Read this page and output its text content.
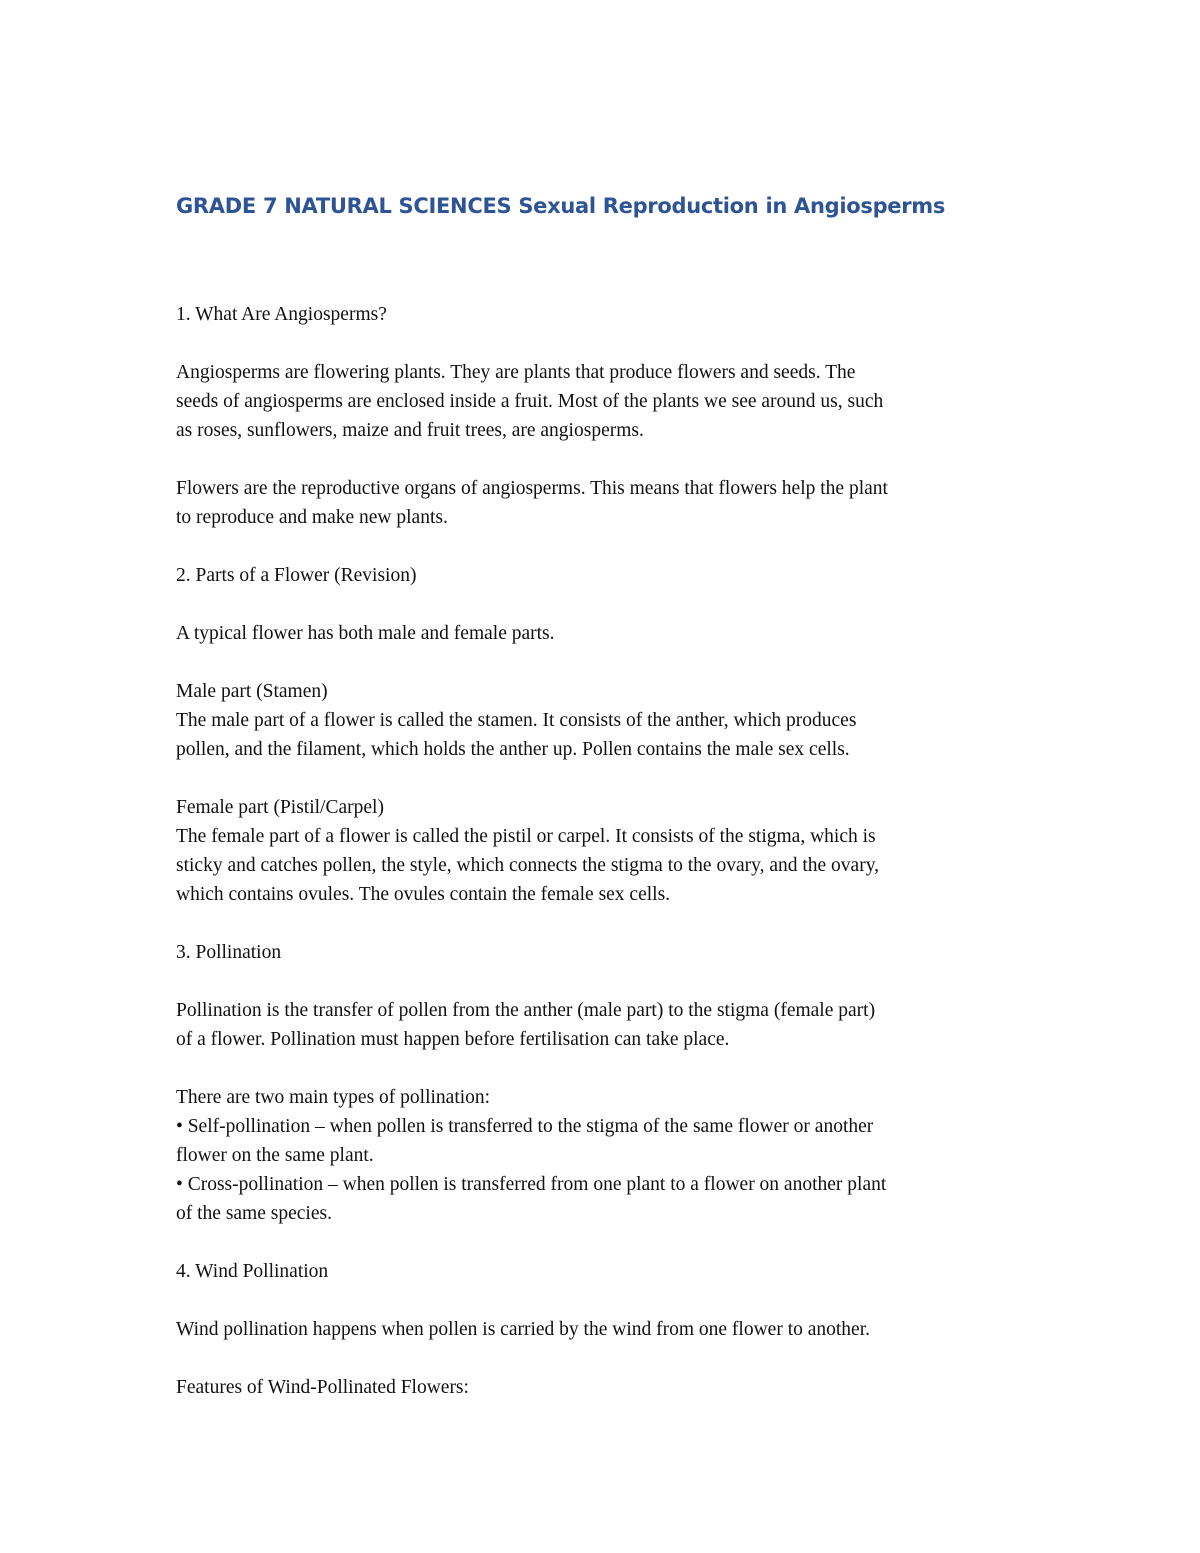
GRADE 7 NATURAL SCIENCES Sexual Reproduction in Angiosperms

1. What Are Angiosperms?

Angiosperms are flowering plants. They are plants that produce flowers and seeds. The

seeds of angiosperms are enclosed inside a fruit. Most of the plants we see around us, such

as roses, sunflowers, maize and fruit trees, are angiosperms.

Flowers are the reproductive organs of angiosperms. This means that flowers help the plant

to reproduce and make new plants.

2. Parts of a Flower (Revision)

A typical flower has both male and female parts.

Male part (Stamen)

The male part of a flower is called the stamen. It consists of the anther, which produces

pollen, and the filament, which holds the anther up. Pollen contains the male sex cells.

Female part (Pistil/Carpel)

The female part of a flower is called the pistil or carpel. It consists of the stigma, which is

sticky and catches pollen, the style, which connects the stigma to the ovary, and the ovary,

which contains ovules. The ovules contain the female sex cells.

3. Pollination

Pollination is the transfer of pollen from the anther (male part) to the stigma (female part)

of a flower. Pollination must happen before fertilisation can take place.

There are two main types of pollination:

• Self-pollination – when pollen is transferred to the stigma of the same flower or another

flower on the same plant.

• Cross-pollination – when pollen is transferred from one plant to a flower on another plant

of the same species.

4. Wind Pollination

Wind pollination happens when pollen is carried by the wind from one flower to another.

Features of Wind-Pollinated Flowers:
